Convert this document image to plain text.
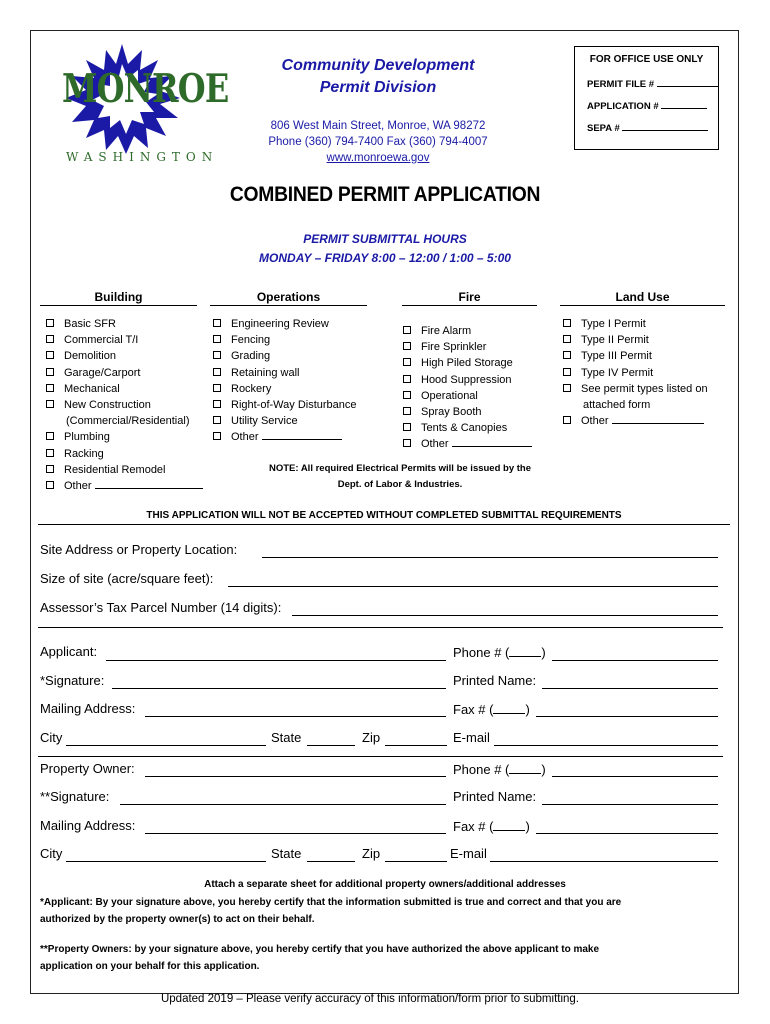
MONROE
WASHINGTON
Community Development
Permit Division
806 West Main Street, Monroe, WA 98272
Phone (360) 794-7400 Fax (360) 794-4007
www.monroewa.gov
FOR OFFICE USE ONLY
PERMIT FILE #
APPLICATION #
SEPA #
COMBINED PERMIT APPLICATION
PERMIT SUBMITTAL HOURS
MONDAY – FRIDAY 8:00 – 12:00 / 1:00 – 5:00
Building	Operations	Fire	Land Use
Basic SFR
Commercial T/I
Demolition
Garage/Carport
Mechanical
New Construction
(Commercial/Residential)
Plumbing
Racking
Residential Remodel
Other
Engineering Review
Fencing
Grading
Retaining wall
Rockery
Right-of-Way Disturbance
Utility Service
Other
Fire Alarm
Fire Sprinkler
High Piled Storage
Hood Suppression
Operational
Spray Booth
Tents & Canopies
Other
Type I Permit
Type II Permit
Type III Permit
Type IV Permit
See permit types listed on
attached form
Other
NOTE: All required Electrical Permits will be issued by the
Dept. of Labor & Industries.
THIS APPLICATION WILL NOT BE ACCEPTED WITHOUT COMPLETED SUBMITTAL REQUIREMENTS
Site Address or Property Location:
Size of site (acre/square feet):
Assessor’s Tax Parcel Number (14 digits):
Applicant:	Phone # ( )
*Signature:	Printed Name:
Mailing Address:	Fax # ( )
City	State	Zip	E-mail
Property Owner:	Phone # ( )
**Signature:	Printed Name:
Mailing Address:	Fax # ( )
City	State	Zip	E-mail
Attach a separate sheet for additional property owners/additional addresses
*Applicant: By your signature above, you hereby certify that the information submitted is true and correct and that you are
authorized by the property owner(s) to act on their behalf.
**Property Owners: by your signature above, you hereby certify that you have authorized the above applicant to make
application on your behalf for this application.
Updated 2019 – Please verify accuracy of this information/form prior to submitting.
